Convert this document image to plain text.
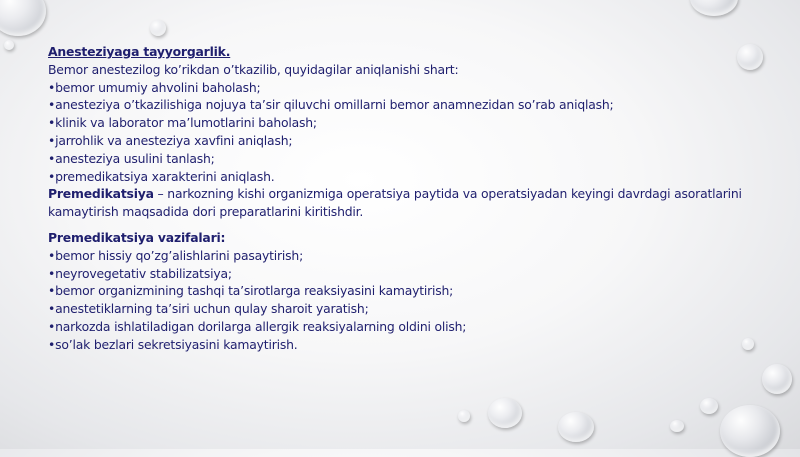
Anesteziyaga tayyorgarlik.
Bemor anestezilog ko’rikdan o’tkazilib, quyidagilar aniqlanishi shart:
•bemor umumiy ahvolini baholash;
•anesteziya o’tkazilishiga nojuya ta’sir qiluvchi omillarni bemor anamnezidan so’rab aniqlash;
•klinik va laborator ma’lumotlarini baholash;
•jarrohlik va anesteziya xavfini aniqlash;
•anesteziya usulini tanlash;
•premedikatsiya xarakterini aniqlash.
Premedikatsiya – narkozning kishi organizmiga operatsiya paytida va operatsiyadan keyingi davrdagi asoratlarini kamaytirish maqsadida dori preparatlarini kiritishdir.
Premedikatsiya vazifalari:
•bemor hissiy qo’zg’alishlarini pasaytirish;
•neyrovegetativ stabilizatsiya;
•bemor organizmining tashqi ta’sirotlarga reaksiyasini kamaytirish;
•anestetiklarning ta’siri uchun qulay sharoit yaratish;
•narkozda ishlatiladigan dorilarga allergik reaksiyalarning oldini olish;
•so’lak bezlari sekretsiyasini kamaytirish.
